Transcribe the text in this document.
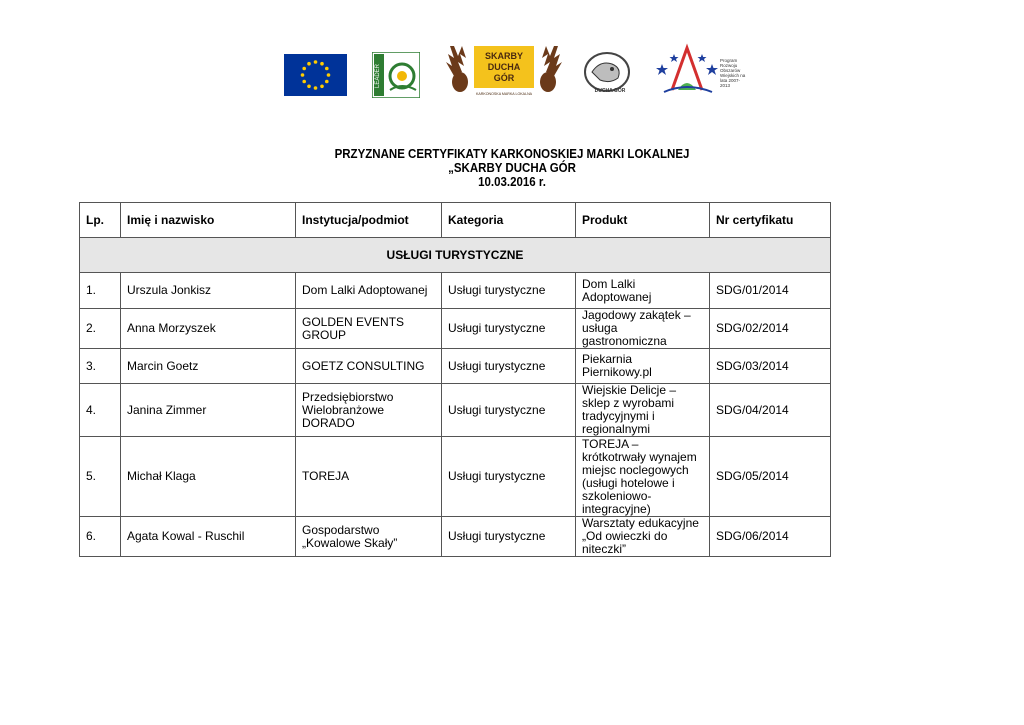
LEADER
SKARBY
DUCHA
GÓR
KARKONOSKA MARKA LOKALNA	DUCHA GÓR
Program Rozwoju Obszarów Wiejskich na lata 2007-2013
PRZYZNANE CERTYFIKATY KARKONOSKIEJ MARKI LOKALNEJ
„SKARBY DUCHA GÓR
10.03.2016 r.
Lp.	Imię i nazwisko	Instytucja/podmiot	Kategoria	Produkt	Nr certyfikatu
USŁUGI TURYSTYCZNE					
1.	Urszula Jonkisz	Dom Lalki Adoptowanej	Usługi turystyczne	Dom Lalki Adoptowanej	SDG/01/2014
2.	Anna Morzyszek	GOLDEN EVENTS GROUP	Usługi turystyczne	Jagodowy zakątek – usługa gastronomiczna	SDG/02/2014
3.	Marcin Goetz	GOETZ CONSULTING	Usługi turystyczne	Piekarnia Piernikowy.pl	SDG/03/2014
4.	Janina Zimmer	Przedsiębiorstwo Wielobranżowe DORADO	Usługi turystyczne	Wiejskie Delicje – sklep z wyrobami tradycyjnymi i regionalnymi	SDG/04/2014
5.	Michał Klaga	TOREJA	Usługi turystyczne	TOREJA – krótkotrwały wynajem miejsc noclegowych (usługi hotelowe i szkoleniowo-integracyjne)	SDG/05/2014
6.	Agata Kowal - Ruschil	Gospodarstwo „Kowalowe Skały”	Usługi turystyczne	Warsztaty edukacyjne „Od owieczki do niteczki”	SDG/06/2014
